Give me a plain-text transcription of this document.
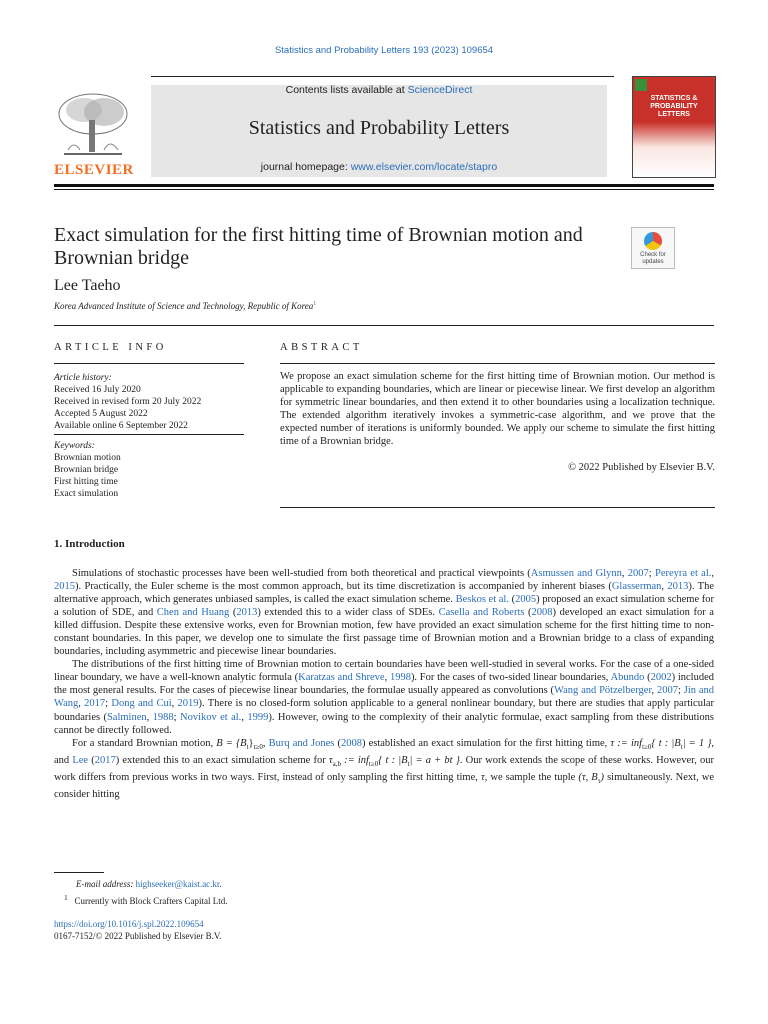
Statistics and Probability Letters 193 (2023) 109654
ELSEVIER
Contents lists available at ScienceDirect
Statistics and Probability Letters
journal homepage: www.elsevier.com/locate/stapro
STATISTICS & PROBABILITY LETTERS
Exact simulation for the first hitting time of Brownian motion and Brownian bridge	Check for updates
Lee Taeho
Korea Advanced Institute of Science and Technology, Republic of Korea$^1$
ARTICLE INFO
Article history:
Received 16 July 2020
Received in revised form 20 July 2022
Accepted 5 August 2022
Available online 6 September 2022
Keywords:
Brownian motion
Brownian bridge
First hitting time
Exact simulation
ABSTRACT
We propose an exact simulation scheme for the first hitting time of Brownian motion. Our method is applicable to expanding boundaries, which are linear or piecewise linear. We first develop an algorithm for symmetric linear boundaries, and then extend it to other boundaries using a localization technique. The extended algorithm iteratively invokes a symmetric-case algorithm, and we prove that the expected number of iterations is uniformly bounded. We apply our scheme to simulate the first hitting time of a Brownian bridge.
© 2022 Published by Elsevier B.V.
1. Introduction

Simulations of stochastic processes have been well-studied from both theoretical and practical viewpoints (Asmussen and Glynn, 2007; Pereyra et al., 2015). Practically, the Euler scheme is the most common approach, but its time discretization is accompanied by inherent biases (Glasserman, 2013). The alternative approach, which generates unbiased samples, is called the exact simulation scheme. Beskos et al. (2005) proposed an exact simulation scheme for a solution of SDE, and Chen and Huang (2013) extended this to a wider class of SDEs. Casella and Roberts (2008) developed an exact simulation for a killed diffusion. Despite these extensive works, even for Brownian motion, few have provided an exact simulation scheme for the first hitting time to non-constant boundaries. In this paper, we develop one to simulate the first passage time of Brownian motion and a Brownian bridge to a class of expanding boundaries, including asymmetric and piecewise linear boundaries.

The distributions of the first hitting time of Brownian motion to certain boundaries have been well-studied in several works. For the case of a one-sided linear boundary, we have a well-known analytic formula (Karatzas and Shreve, 1998). For the cases of two-sided linear boundaries, Abundo (2002) included the most general results. For the cases of piecewise linear boundaries, the formulae usually appeared as convolutions (Wang and Pötzelberger, 2007; Jin and Wang, 2017; Dong and Cui, 2019). There is no closed-form solution applicable to a general nonlinear boundary, but there are studies that apply particular boundaries (Salminen, 1988; Novikov et al., 1999). However, owing to the complexity of their analytic formulae, exact sampling from these distributions cannot be directly followed.

For a standard Brownian motion, $B = \{B_t\}_{t\ge 0}$, Burq and Jones (2008) established an exact simulation for the first hitting time, τ := inf$_{t\ge 0}${ t : $|B_t| = 1$ }, and Lee (2017) extended this to an exact simulation scheme for $\tau_{a,b}$ := inf$_{t\ge 0}${ t : $|B_t| = a$ + bt }. Our work extends the scope of these works. However, our work differs from previous works in two ways. First, instead of only sampling the first hitting time, τ, we sample the tuple (τ, $B_\tau$) simultaneously. Next, we consider hitting

E-mail address: highseeker@kaist.ac.kr.
$^1$ Currently with Block Crafters Capital Ltd.
https://doi.org/10.1016/j.spl.2022.109654
0167-7152/© 2022 Published by Elsevier B.V.
